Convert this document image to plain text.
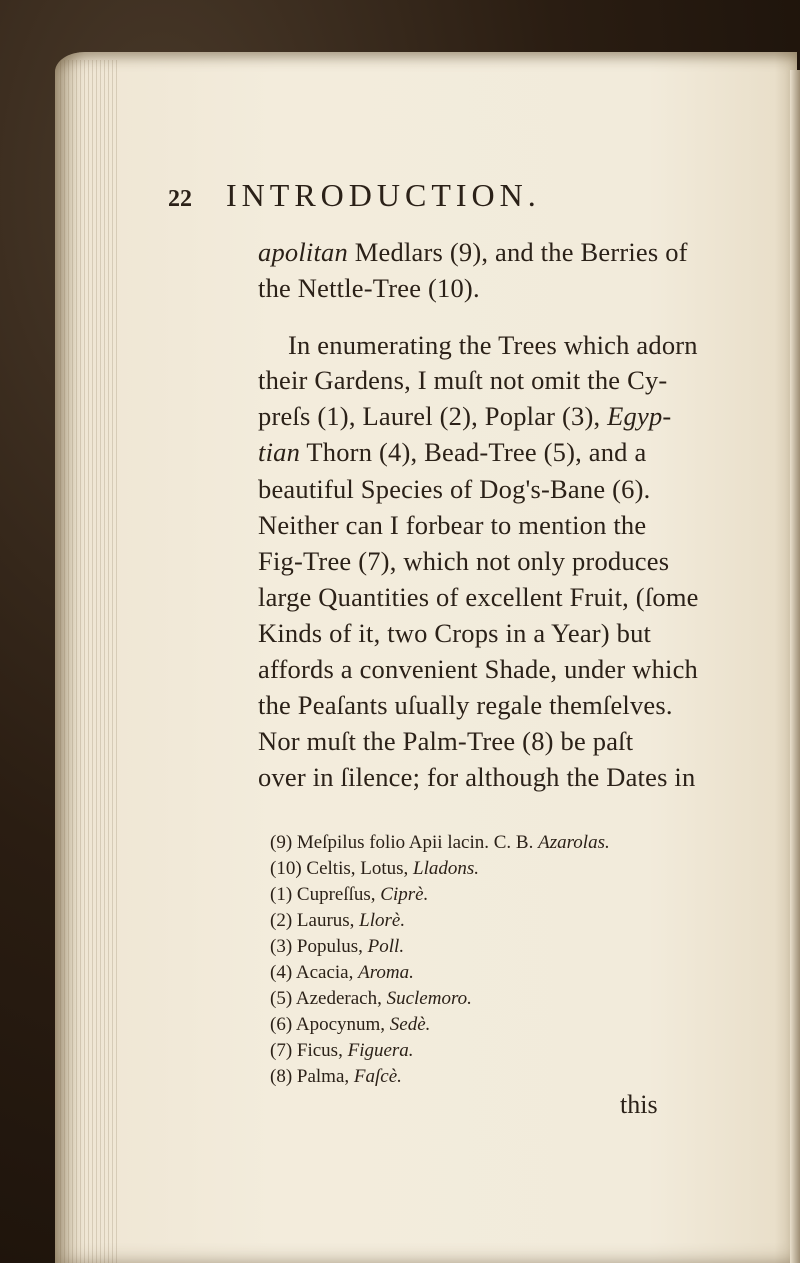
22 INTRODUCTION.
apolitan Medlars (9), and the Berries of
the Nettle-Tree (10).
In enumerating the Trees which adorn
their Gardens, I muſt not omit the Cy-
preſs (1), Laurel (2), Poplar (3), Egyp-
tian Thorn (4), Bead-Tree (5), and a
beautiful Species of Dog's-Bane (6).
Neither can I forbear to mention the
Fig-Tree (7), which not only produces
large Quantities of excellent Fruit, (ſome
Kinds of it, two Crops in a Year) but
affords a convenient Shade, under which
the Peaſants uſually regale themſelves.
Nor muſt the Palm-Tree (8) be paſt
over in ſilence; for although the Dates in
(9) Meſpilus folio Apii lacin. C. B. Azarolas.
(10) Celtis, Lotus, Lladons.
(1) Cupreſſus, Ciprè.
(2) Laurus, Llorè.
(3) Populus, Poll.
(4) Acacia, Aroma.
(5) Azederach, Suclemoro.
(6) Apocynum, Sedè.
(7) Ficus, Figuera.
(8) Palma, Faſcè.
this
